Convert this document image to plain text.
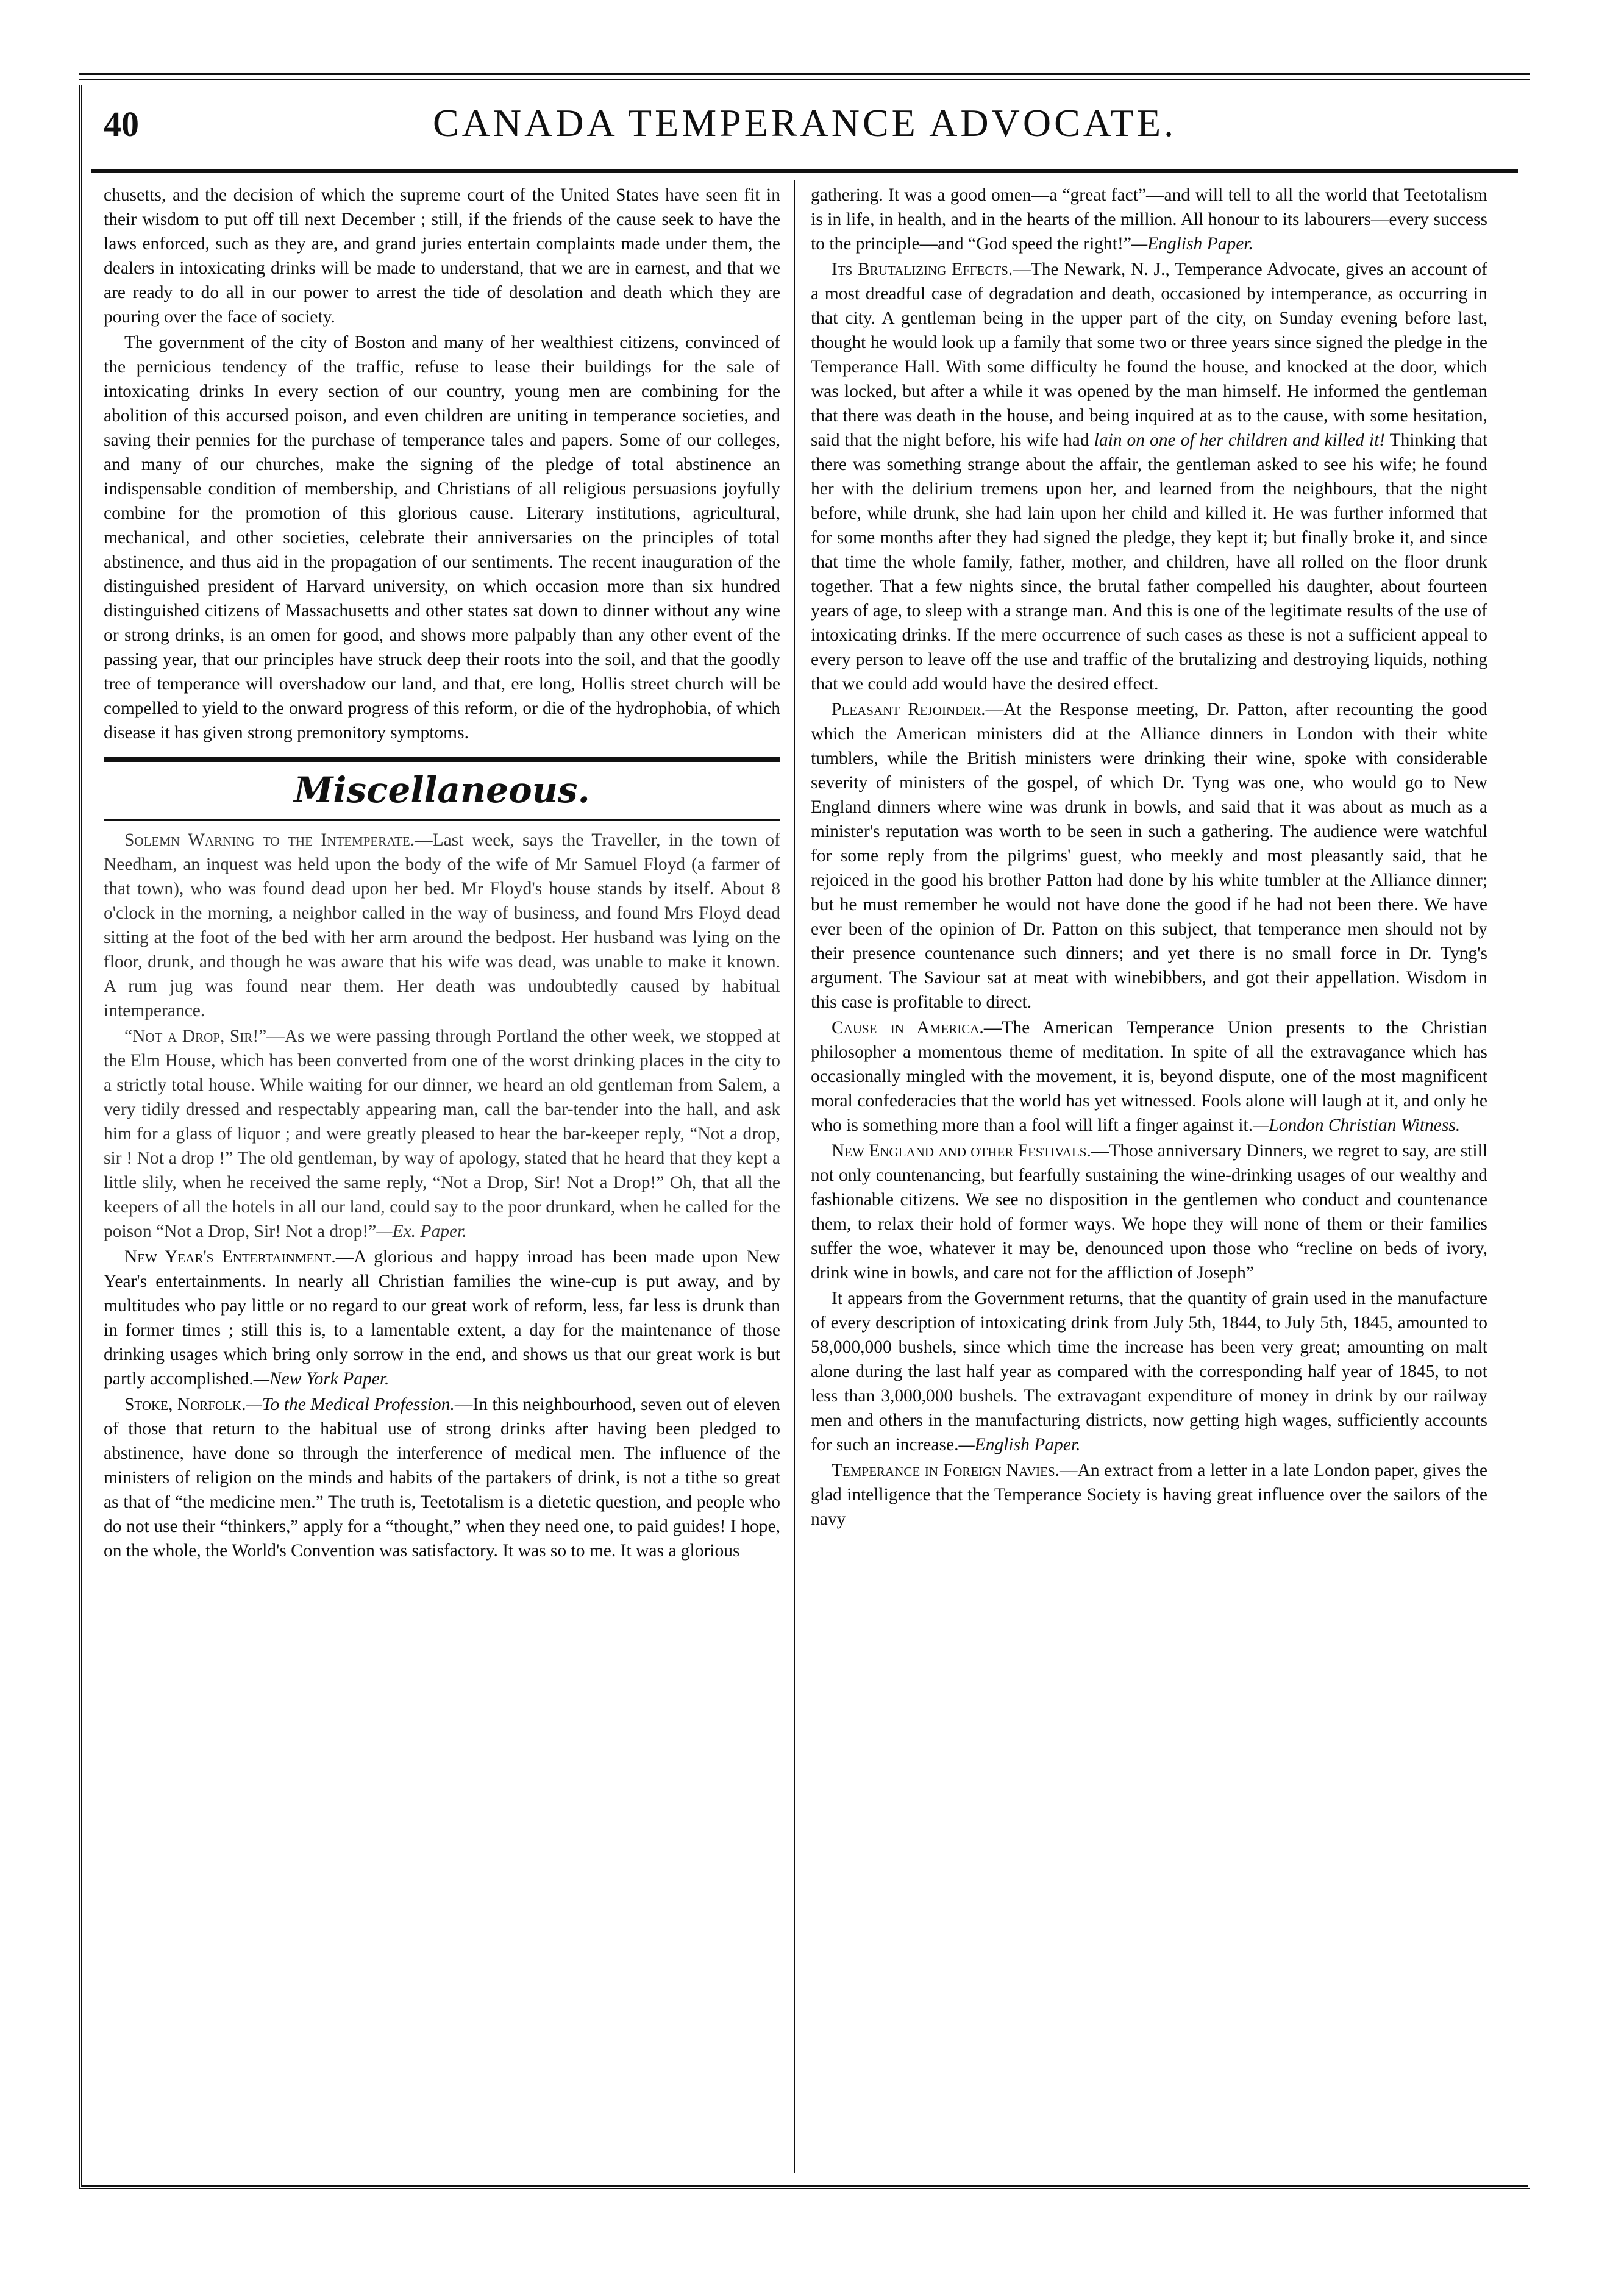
CANADA TEMPERANCE ADVOCATE.
40

chusetts, and the decision of which the supreme court of the United States have seen fit in their wisdom to put off till next December ; still, if the friends of the cause seek to have the laws enforced, such as they are, and grand juries entertain complaints made under them, the dealers in intoxicating drinks will be made to understand, that we are in earnest, and that we are ready to do all in our power to arrest the tide of desolation and death which they are pouring over the face of society.

The government of the city of Boston and many of her wealthiest citizens, convinced of the pernicious tendency of the traffic, refuse to lease their buildings for the sale of intoxicating drinks In every section of our country, young men are combining for the abolition of this accursed poison, and even children are uniting in temperance societies, and saving their pennies for the purchase of temperance tales and papers. Some of our colleges, and many of our churches, make the signing of the pledge of total abstinence an indispensable condition of membership, and Christians of all religious persuasions joyfully combine for the promotion of this glorious cause. Literary institutions, agricultural, mechanical, and other societies, celebrate their anniversaries on the principles of total abstinence, and thus aid in the propagation of our sentiments. The recent inauguration of the distinguished president of Harvard university, on which occasion more than six hundred distinguished citizens of Massachusetts and other states sat down to dinner without any wine or strong drinks, is an omen for good, and shows more palpably than any other event of the passing year, that our principles have struck deep their roots into the soil, and that the goodly tree of temperance will overshadow our land, and that, ere long, Hollis street church will be compelled to yield to the onward progress of this reform, or die of the hydrophobia, of which disease it has given strong premonitory symptoms.

Miscellaneous.

Solemn Warning to the Intemperate.—Last week, says the Traveller, in the town of Needham, an inquest was held upon the body of the wife of Mr Samuel Floyd (a farmer of that town), who was found dead upon her bed. Mr Floyd's house stands by itself. About 8 o'clock in the morning, a neighbor called in the way of business, and found Mrs Floyd dead sitting at the foot of the bed with her arm around the bedpost. Her husband was lying on the floor, drunk, and though he was aware that his wife was dead, was unable to make it known. A rum jug was found near them. Her death was undoubtedly caused by habitual intemperance.

“Not a Drop, Sir!”—As we were passing through Portland the other week, we stopped at the Elm House, which has been converted from one of the worst drinking places in the city to a strictly total house. While waiting for our dinner, we heard an old gentleman from Salem, a very tidily dressed and respectably appearing man, call the bar-tender into the hall, and ask him for a glass of liquor ; and were greatly pleased to hear the bar-keeper reply, “Not a drop, sir ! Not a drop !” The old gentleman, by way of apology, stated that he heard that they kept a little slily, when he received the same reply, “Not a Drop, Sir! Not a Drop!” Oh, that all the keepers of all the hotels in all our land, could say to the poor drunkard, when he called for the poison “Not a Drop, Sir! Not a drop!”—Ex. Paper.

New Year's Entertainment.—A glorious and happy inroad has been made upon New Year's entertainments. In nearly all Christian families the wine-cup is put away, and by multitudes who pay little or no regard to our great work of reform, less, far less is drunk than in former times ; still this is, to a lamentable extent, a day for the maintenance of those drinking usages which bring only sorrow in the end, and shows us that our great work is but partly accomplished.—New York Paper.

Stoke, Norfolk.—To the Medical Profession.—In this neighbourhood, seven out of eleven of those that return to the habitual use of strong drinks after having been pledged to abstinence, have done so through the interference of medical men. The influence of the ministers of religion on the minds and habits of the partakers of drink, is not a tithe so great as that of “the medicine men.” The truth is, Teetotalism is a dietetic question, and people who do not use their “thinkers,” apply for a “thought,” when they need one, to paid guides! I hope, on the whole, the World's Convention was satisfactory. It was so to me. It was a glorious

gathering. It was a good omen—a “great fact”—and will tell to all the world that Teetotalism is in life, in health, and in the hearts of the million. All honour to its labourers—every success to the principle—and “God speed the right!”—English Paper.

Its Brutalizing Effects.—The Newark, N. J., Temperance Advocate, gives an account of a most dreadful case of degradation and death, occasioned by intemperance, as occurring in that city. A gentleman being in the upper part of the city, on Sunday evening before last, thought he would look up a family that some two or three years since signed the pledge in the Temperance Hall. With some difficulty he found the house, and knocked at the door, which was locked, but after a while it was opened by the man himself. He informed the gentleman that there was death in the house, and being inquired at as to the cause, with some hesitation, said that the night before, his wife had lain on one of her children and killed it! Thinking that there was something strange about the affair, the gentleman asked to see his wife; he found her with the delirium tremens upon her, and learned from the neighbours, that the night before, while drunk, she had lain upon her child and killed it. He was further informed that for some months after they had signed the pledge, they kept it; but finally broke it, and since that time the whole family, father, mother, and children, have all rolled on the floor drunk together. That a few nights since, the brutal father compelled his daughter, about fourteen years of age, to sleep with a strange man. And this is one of the legitimate results of the use of intoxicating drinks. If the mere occurrence of such cases as these is not a sufficient appeal to every person to leave off the use and traffic of the brutalizing and destroying liquids, nothing that we could add would have the desired effect.

Pleasant Rejoinder.—At the Response meeting, Dr. Patton, after recounting the good which the American ministers did at the Alliance dinners in London with their white tumblers, while the British ministers were drinking their wine, spoke with considerable severity of ministers of the gospel, of which Dr. Tyng was one, who would go to New England dinners where wine was drunk in bowls, and said that it was about as much as a minister's reputation was worth to be seen in such a gathering. The audience were watchful for some reply from the pilgrims' guest, who meekly and most pleasantly said, that he rejoiced in the good his brother Patton had done by his white tumbler at the Alliance dinner; but he must remember he would not have done the good if he had not been there. We have ever been of the opinion of Dr. Patton on this subject, that temperance men should not by their presence countenance such dinners; and yet there is no small force in Dr. Tyng's argument. The Saviour sat at meat with winebibbers, and got their appellation. Wisdom in this case is profitable to direct.

Cause in America.—The American Temperance Union presents to the Christian philosopher a momentous theme of meditation. In spite of all the extravagance which has occasionally mingled with the movement, it is, beyond dispute, one of the most magnificent moral confederacies that the world has yet witnessed. Fools alone will laugh at it, and only he who is something more than a fool will lift a finger against it.—London Christian Witness.

New England and other Festivals.—Those anniversary Dinners, we regret to say, are still not only countenancing, but fearfully sustaining the wine-drinking usages of our wealthy and fashionable citizens. We see no disposition in the gentlemen who conduct and countenance them, to relax their hold of former ways. We hope they will none of them or their families suffer the woe, whatever it may be, denounced upon those who “recline on beds of ivory, drink wine in bowls, and care not for the affliction of Joseph”

It appears from the Government returns, that the quantity of grain used in the manufacture of every description of intoxicating drink from July 5th, 1844, to July 5th, 1845, amounted to 58,000,000 bushels, since which time the increase has been very great; amounting on malt alone during the last half year as compared with the corresponding half year of 1845, to not less than 3,000,000 bushels. The extravagant expenditure of money in drink by our railway men and others in the manufacturing districts, now getting high wages, sufficiently accounts for such an increase.—English Paper.

Temperance in Foreign Navies.—An extract from a letter in a late London paper, gives the glad intelligence that the Temperance Society is having great influence over the sailors of the navy
